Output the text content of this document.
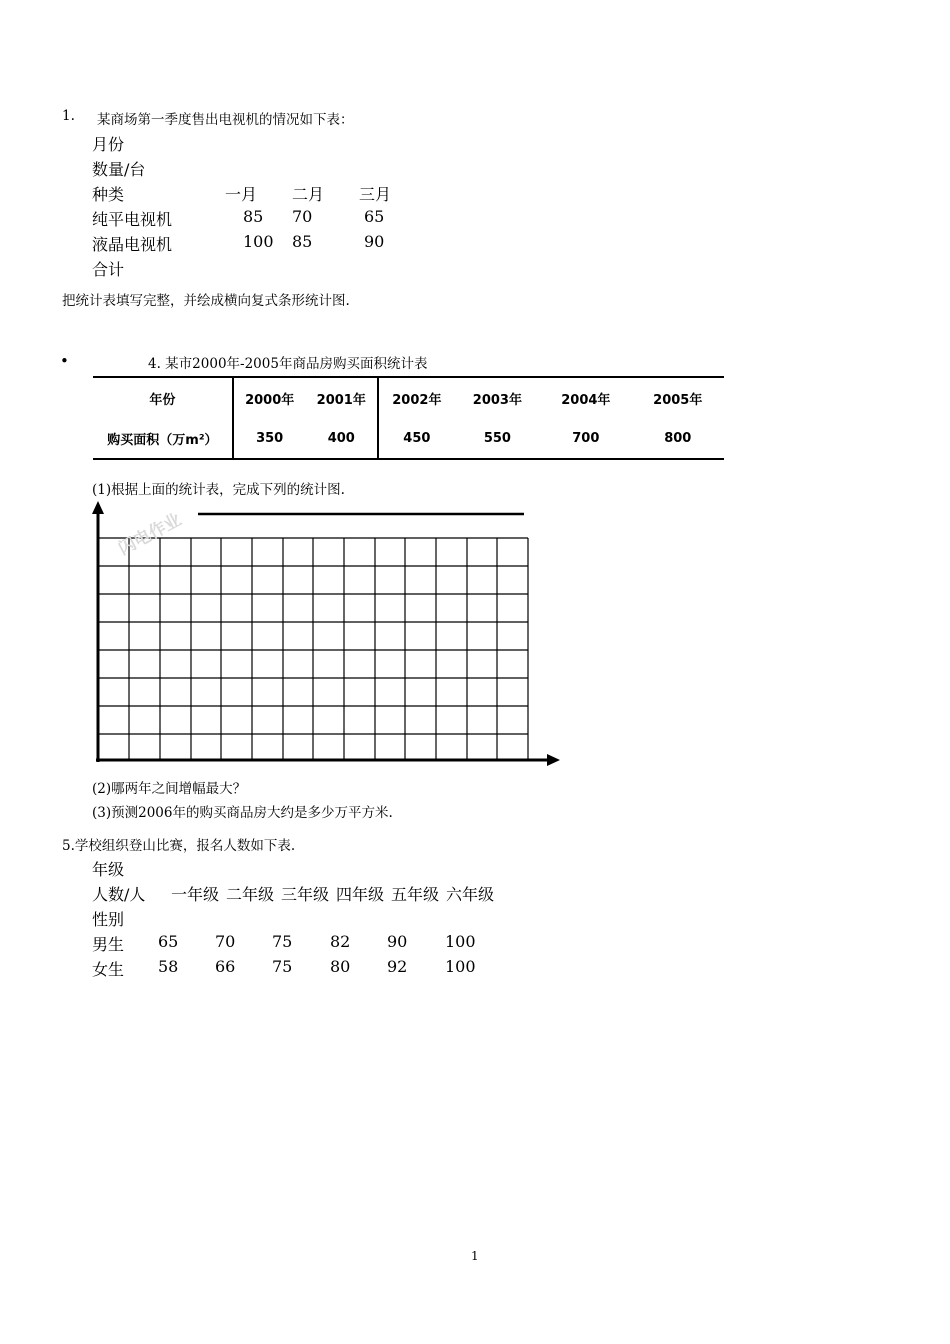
1. 某商场第一季度售出电视机的情况如下表：
月份
数量/台
种类	一月 二月 三月
纯平电视机	85 70	65
液晶电视机	100 85	90
合计
把统计表填写完整，并绘成横向复式条形统计图.
•	4. 某市2000年-2005年商品房购买面积统计表
年份	2000年	2001年	2002年	2003年	2004年	2005年
购买面积（万m²）	350	400	450	550	700	800
(1)根据上面的统计表，完成下列的统计图.
闪电作业
(2)哪两年之间增幅最大？
(3)预测2006年的购买商品房大约是多少万平方米.
5.学校组织登山比赛，报名人数如下表.
年级
人数/人 一年级 二年级 三年级 四年级 五年级 六年级
性别
男生 65 70 75 82 90 100
女生 58 66 75 80 92 100
1
